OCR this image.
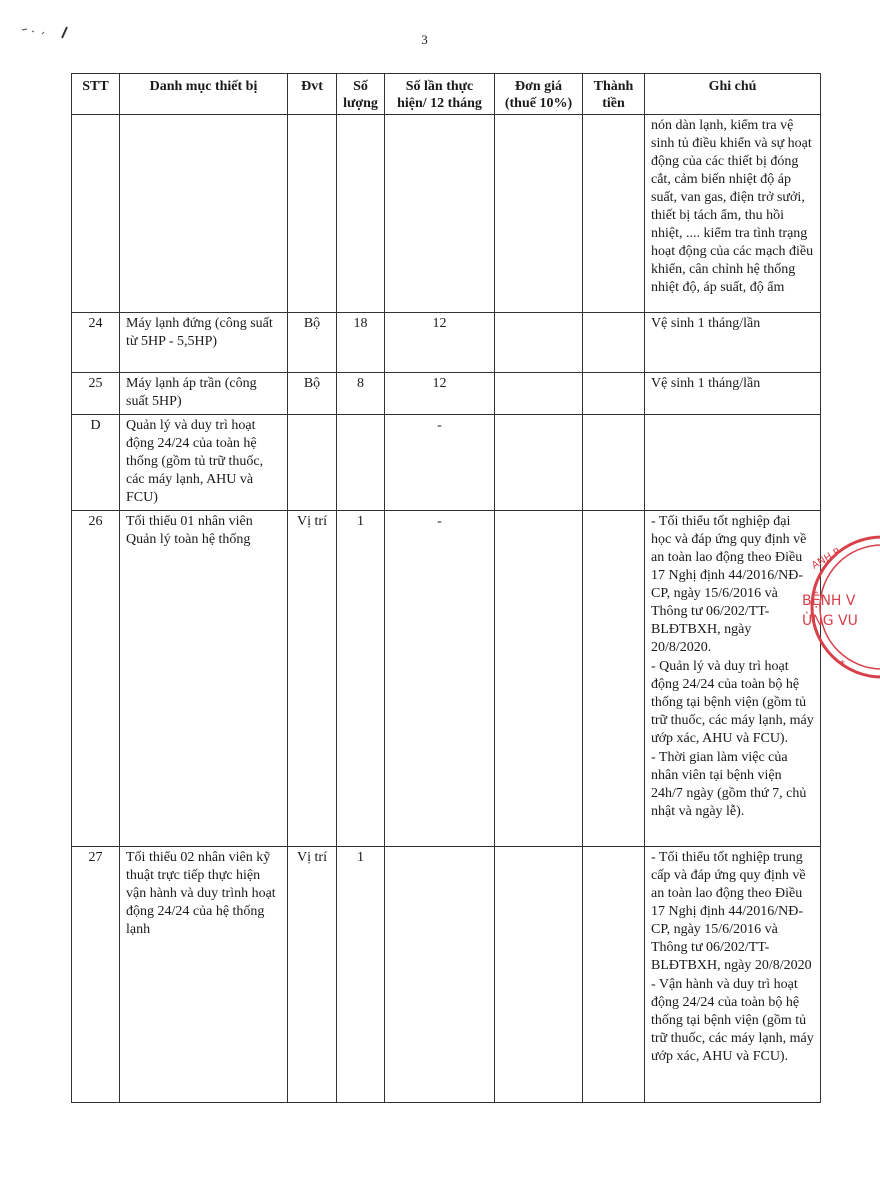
3
STT	Danh mục thiết bị	Đvt	Số lượng	Số lần thực hiện/ 12 tháng	Đơn giá (thuế 10%)	Thành tiền	Ghi chú

							nón dàn lạnh, kiểm tra vệ sinh tủ điều khiển và sự hoạt động của các thiết bị đóng cắt, cảm biến nhiệt độ áp suất, van gas, điện trở sưởi, thiết bị tách ẩm, thu hồi nhiệt, .... kiểm tra tình trạng hoạt động của các mạch điều khiển, cân chỉnh hệ thống nhiệt độ, áp suất, độ ẩm

24	Máy lạnh đứng (công suất từ 5HP - 5,5HP)	Bộ	18	12			Vệ sinh 1 tháng/lần

25	Máy lạnh áp trần (công suất 5HP)	Bộ	8	12			Vệ sinh 1 tháng/lần

D	Quản lý và duy trì hoạt động 24/24 của toàn hệ thống (gồm tủ trữ thuốc, các máy lạnh, AHU và FCU)			-			
26	Tối thiểu 01 nhân viên Quản lý toàn hệ thống	Vị trí	1	-			- Tối thiểu tốt nghiệp đại học và đáp ứng quy định về an toàn lao động theo Điều 17 Nghị định 44/2016/NĐ-CP, ngày 15/6/2016 và Thông tư 06/202/TT-BLĐTBXH, ngày 20/8/2020.

- Quản lý và duy trì hoạt động 24/24 của toàn bộ hệ thống tại bệnh viện (gồm tủ trữ thuốc, các máy lạnh, máy ướp xác, AHU và FCU).

- Thời gian làm việc của nhân viên tại bệnh viện 24h/7 ngày (gồm thứ 7, chủ nhật và ngày lễ).

27	Tối thiểu 02 nhân viên kỹ thuật trực tiếp thực hiện vận hành và duy trình hoạt động 24/24 của hệ thống lạnh	Vị trí	1				- Tối thiểu tốt nghiệp trung cấp và đáp ứng quy định về an toàn lao động theo Điều 17 Nghị định 44/2016/NĐ-CP, ngày 15/6/2016 và Thông tư 06/202/TT-BLĐTBXH, ngày 20/8/2020

- Vận hành và duy trì hoạt động 24/24 của toàn bộ hệ thống tại bệnh viện (gồm tủ trữ thuốc, các máy lạnh, máy ướp xác, AHU và FCU).

ANH P
BỆNH V
ÙNG VU
*
